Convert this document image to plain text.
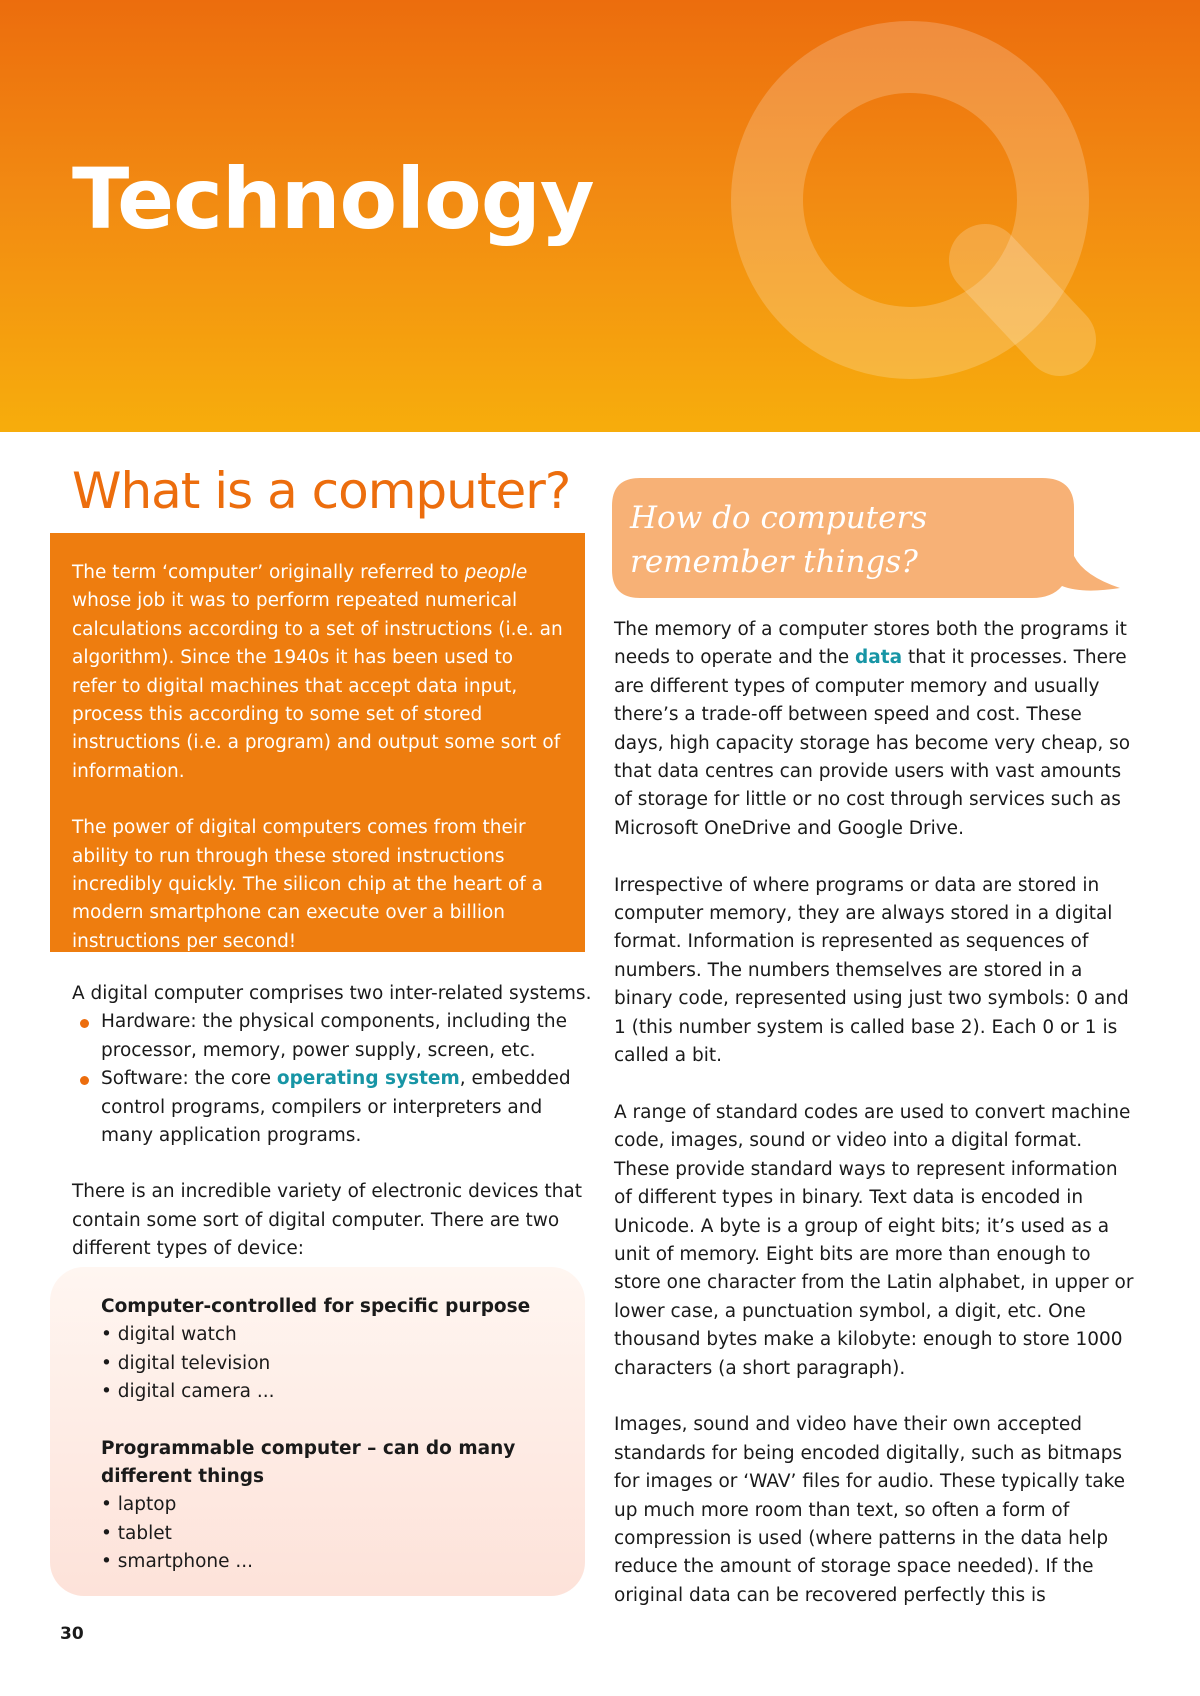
Technology
What is a computer?

The term ‘computer’ originally referred to people whose job it was to perform repeated numerical calculations according to a set of instructions (i.e. an algorithm). Since the 1940s it has been used to refer to digital machines that accept data input, process this according to some set of stored instructions (i.e. a program) and output some sort of information.

The power of digital computers comes from their ability to run through these stored instructions incredibly quickly. The silicon chip at the heart of a modern smartphone can execute over a billion instructions per second!

A digital computer comprises two inter-related systems.
Hardware: the physical components, including the processor, memory, power supply, screen, etc.
Software: the core operating system, embedded control programs, compilers or interpreters and many application programs.

There is an incredible variety of electronic devices that contain some sort of digital computer. There are two different types of device:

Computer-controlled for specific purpose
• digital watch
• digital television
• digital camera ...
Programmable computer – can do many different things
• laptop
• tablet
• smartphone ...
How do computers
remember things?

The memory of a computer stores both the programs it needs to operate and the data that it processes. There are different types of computer memory and usually there’s a trade-off between speed and cost. These days, high capacity storage has become very cheap, so that data centres can provide users with vast amounts of storage for little or no cost through services such as Microsoft OneDrive and Google Drive.

Irrespective of where programs or data are stored in computer memory, they are always stored in a digital format. Information is represented as sequences of numbers. The numbers themselves are stored in a binary code, represented using just two symbols: 0 and 1 (this number system is called base 2). Each 0 or 1 is called a bit.

A range of standard codes are used to convert machine code, images, sound or video into a digital format. These provide standard ways to represent information of different types in binary. Text data is encoded in Unicode. A byte is a group of eight bits; it’s used as a unit of memory. Eight bits are more than enough to store one character from the Latin alphabet, in upper or lower case, a punctuation symbol, a digit, etc. One thousand bytes make a kilobyte: enough to store 1000 characters (a short paragraph).

Images, sound and video have their own accepted standards for being encoded digitally, such as bitmaps for images or ‘WAV’ files for audio. These typically take up much more room than text, so often a form of compression is used (where patterns in the data help reduce the amount of storage space needed). If the original data can be recovered perfectly this is

30
